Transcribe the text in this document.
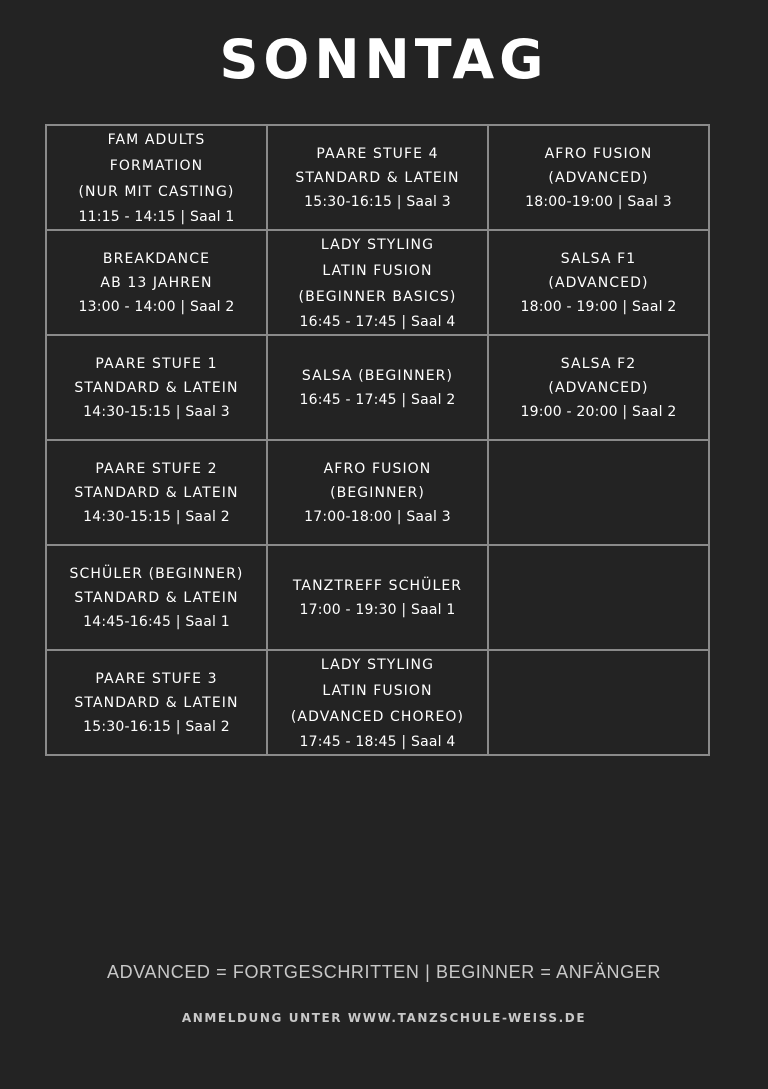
SONNTAG
FAM ADULTS
FORMATION
(NUR MIT CASTING)
11:15 - 14:15 | Saal 1	PAARE STUFE 4
STANDARD & LATEIN
15:30-16:15 | Saal 3	AFRO FUSION
(ADVANCED)
18:00-19:00 | Saal 3

BREAKDANCE
AB 13 JAHREN
13:00 - 14:00 | Saal 2	LADY STYLING
LATIN FUSION
(BEGINNER BASICS)
16:45 - 17:45 | Saal 4	SALSA F1
(ADVANCED)
18:00 - 19:00 | Saal 2

PAARE STUFE 1
STANDARD & LATEIN
14:30-15:15 | Saal 3	SALSA (BEGINNER)
16:45 - 17:45 | Saal 2	SALSA F2
(ADVANCED)
19:00 - 20:00 | Saal 2

PAARE STUFE 2
STANDARD & LATEIN
14:30-15:15 | Saal 2	AFRO FUSION
(BEGINNER)
17:00-18:00 | Saal 3	

SCHÜLER (BEGINNER)
STANDARD & LATEIN
14:45-16:45 | Saal 1	TANZTREFF SCHÜLER
17:00 - 19:30 | Saal 1	

PAARE STUFE 3
STANDARD & LATEIN
15:30-16:15 | Saal 2	LADY STYLING
LATIN FUSION
(ADVANCED CHOREO)
17:45 - 18:45 | Saal 4	

ADVANCED = FORTGESCHRITTEN | BEGINNER = ANFÄNGER
ANMELDUNG UNTER WWW.TANZSCHULE-WEISS.DE
